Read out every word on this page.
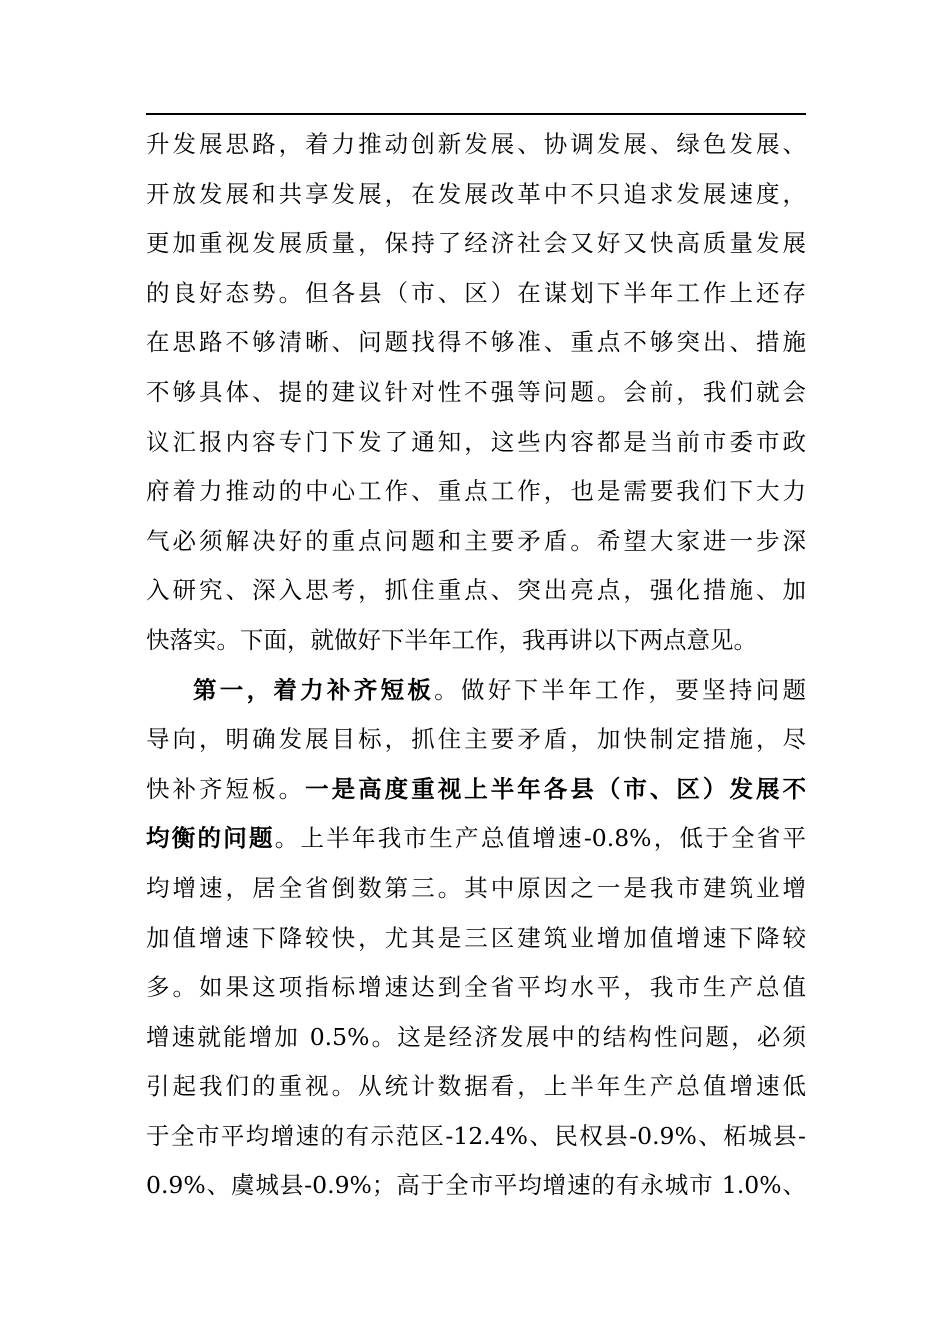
升发展思路，着力推动创新发展、协调发展、绿色发展、
开放发展和共享发展，在发展改革中不只追求发展速度，
更加重视发展质量，保持了经济社会又好又快高质量发展
的良好态势。但各县（市、区）在谋划下半年工作上还存
在思路不够清晰、问题找得不够准、重点不够突出、措施
不够具体、提的建议针对性不强等问题。会前，我们就会
议汇报内容专门下发了通知，这些内容都是当前市委市政
府着力推动的中心工作、重点工作，也是需要我们下大力
气必须解决好的重点问题和主要矛盾。希望大家进一步深
入研究、深入思考，抓住重点、突出亮点，强化措施、加
快落实。下面，就做好下半年工作，我再讲以下两点意见。
第一，着力补齐短板。做好下半年工作，要坚持问题
导向，明确发展目标，抓住主要矛盾，加快制定措施，尽
快补齐短板。一是高度重视上半年各县（市、区）发展不
均衡的问题。上半年我市生产总值增速-0.8%，低于全省平
均增速，居全省倒数第三。其中原因之一是我市建筑业增
加值增速下降较快，尤其是三区建筑业增加值增速下降较
多。如果这项指标增速达到全省平均水平，我市生产总值
增速就能增加 0.5%。这是经济发展中的结构性问题，必须
引起我们的重视。从统计数据看，上半年生产总值增速低
于全市平均增速的有示范区-12.4%、民权县-0.9%、柘城县-
0.9%、虞城县-0.9%；高于全市平均增速的有永城市 1.0%、
